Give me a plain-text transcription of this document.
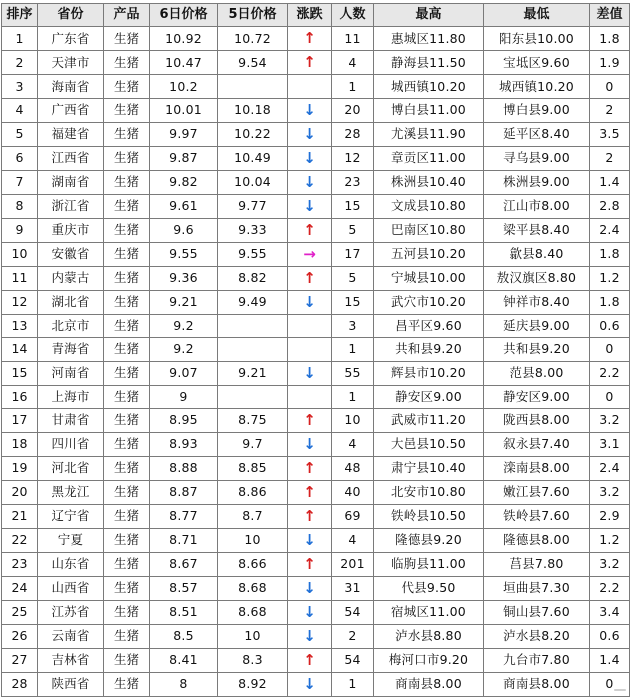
排序	省份	产品	6日价格	5日价格	涨跌	人数	最高	最低	差值
1	广东省	生猪	10.92	10.72	↑	11	惠城区11.80	阳东县10.00	1.8
2	天津市	生猪	10.47	9.54	↑	4	静海县11.50	宝坻区9.60	1.9
3	海南省	生猪	10.2			1	城西镇10.20	城西镇10.20	0
4	广西省	生猪	10.01	10.18	↓	20	博白县11.00	博白县9.00	2
5	福建省	生猪	9.97	10.22	↓	28	尤溪县11.90	延平区8.40	3.5
6	江西省	生猪	9.87	10.49	↓	12	章贡区11.00	寻乌县9.00	2
7	湖南省	生猪	9.82	10.04	↓	23	株洲县10.40	株洲县9.00	1.4
8	浙江省	生猪	9.61	9.77	↓	15	文成县10.80	江山市8.00	2.8
9	重庆市	生猪	9.6	9.33	↑	5	巴南区10.80	梁平县8.40	2.4
10	安徽省	生猪	9.55	9.55	→	17	五河县10.20	歙县8.40	1.8
11	内蒙古	生猪	9.36	8.82	↑	5	宁城县10.00	敖汉旗区8.80	1.2
12	湖北省	生猪	9.21	9.49	↓	15	武穴市10.20	钟祥市8.40	1.8
13	北京市	生猪	9.2			3	昌平区9.60	延庆县9.00	0.6
14	青海省	生猪	9.2			1	共和县9.20	共和县9.20	0
15	河南省	生猪	9.07	9.21	↓	55	辉县市10.20	范县8.00	2.2
16	上海市	生猪	9			1	静安区9.00	静安区9.00	0
17	甘肃省	生猪	8.95	8.75	↑	10	武威市11.20	陇西县8.00	3.2
18	四川省	生猪	8.93	9.7	↓	4	大邑县10.50	叙永县7.40	3.1
19	河北省	生猪	8.88	8.85	↑	48	肃宁县10.40	滦南县8.00	2.4
20	黑龙江	生猪	8.87	8.86	↑	40	北安市10.80	嫩江县7.60	3.2
21	辽宁省	生猪	8.77	8.7	↑	69	铁岭县10.50	铁岭县7.60	2.9
22	宁夏	生猪	8.71	10	↓	4	隆德县9.20	隆德县8.00	1.2
23	山东省	生猪	8.67	8.66	↑	201	临朐县11.00	莒县7.80	3.2
24	山西省	生猪	8.57	8.68	↓	31	代县9.50	垣曲县7.30	2.2
25	江苏省	生猪	8.51	8.68	↓	54	宿城区11.00	铜山县7.60	3.4
26	云南省	生猪	8.5	10	↓	2	泸水县8.80	泸水县8.20	0.6
27	吉林省	生猪	8.41	8.3	↑	54	梅河口市9.20	九台市7.80	1.4
28	陕西省	生猪	8	8.92	↓	1	商南县8.00	商南县8.00	0
